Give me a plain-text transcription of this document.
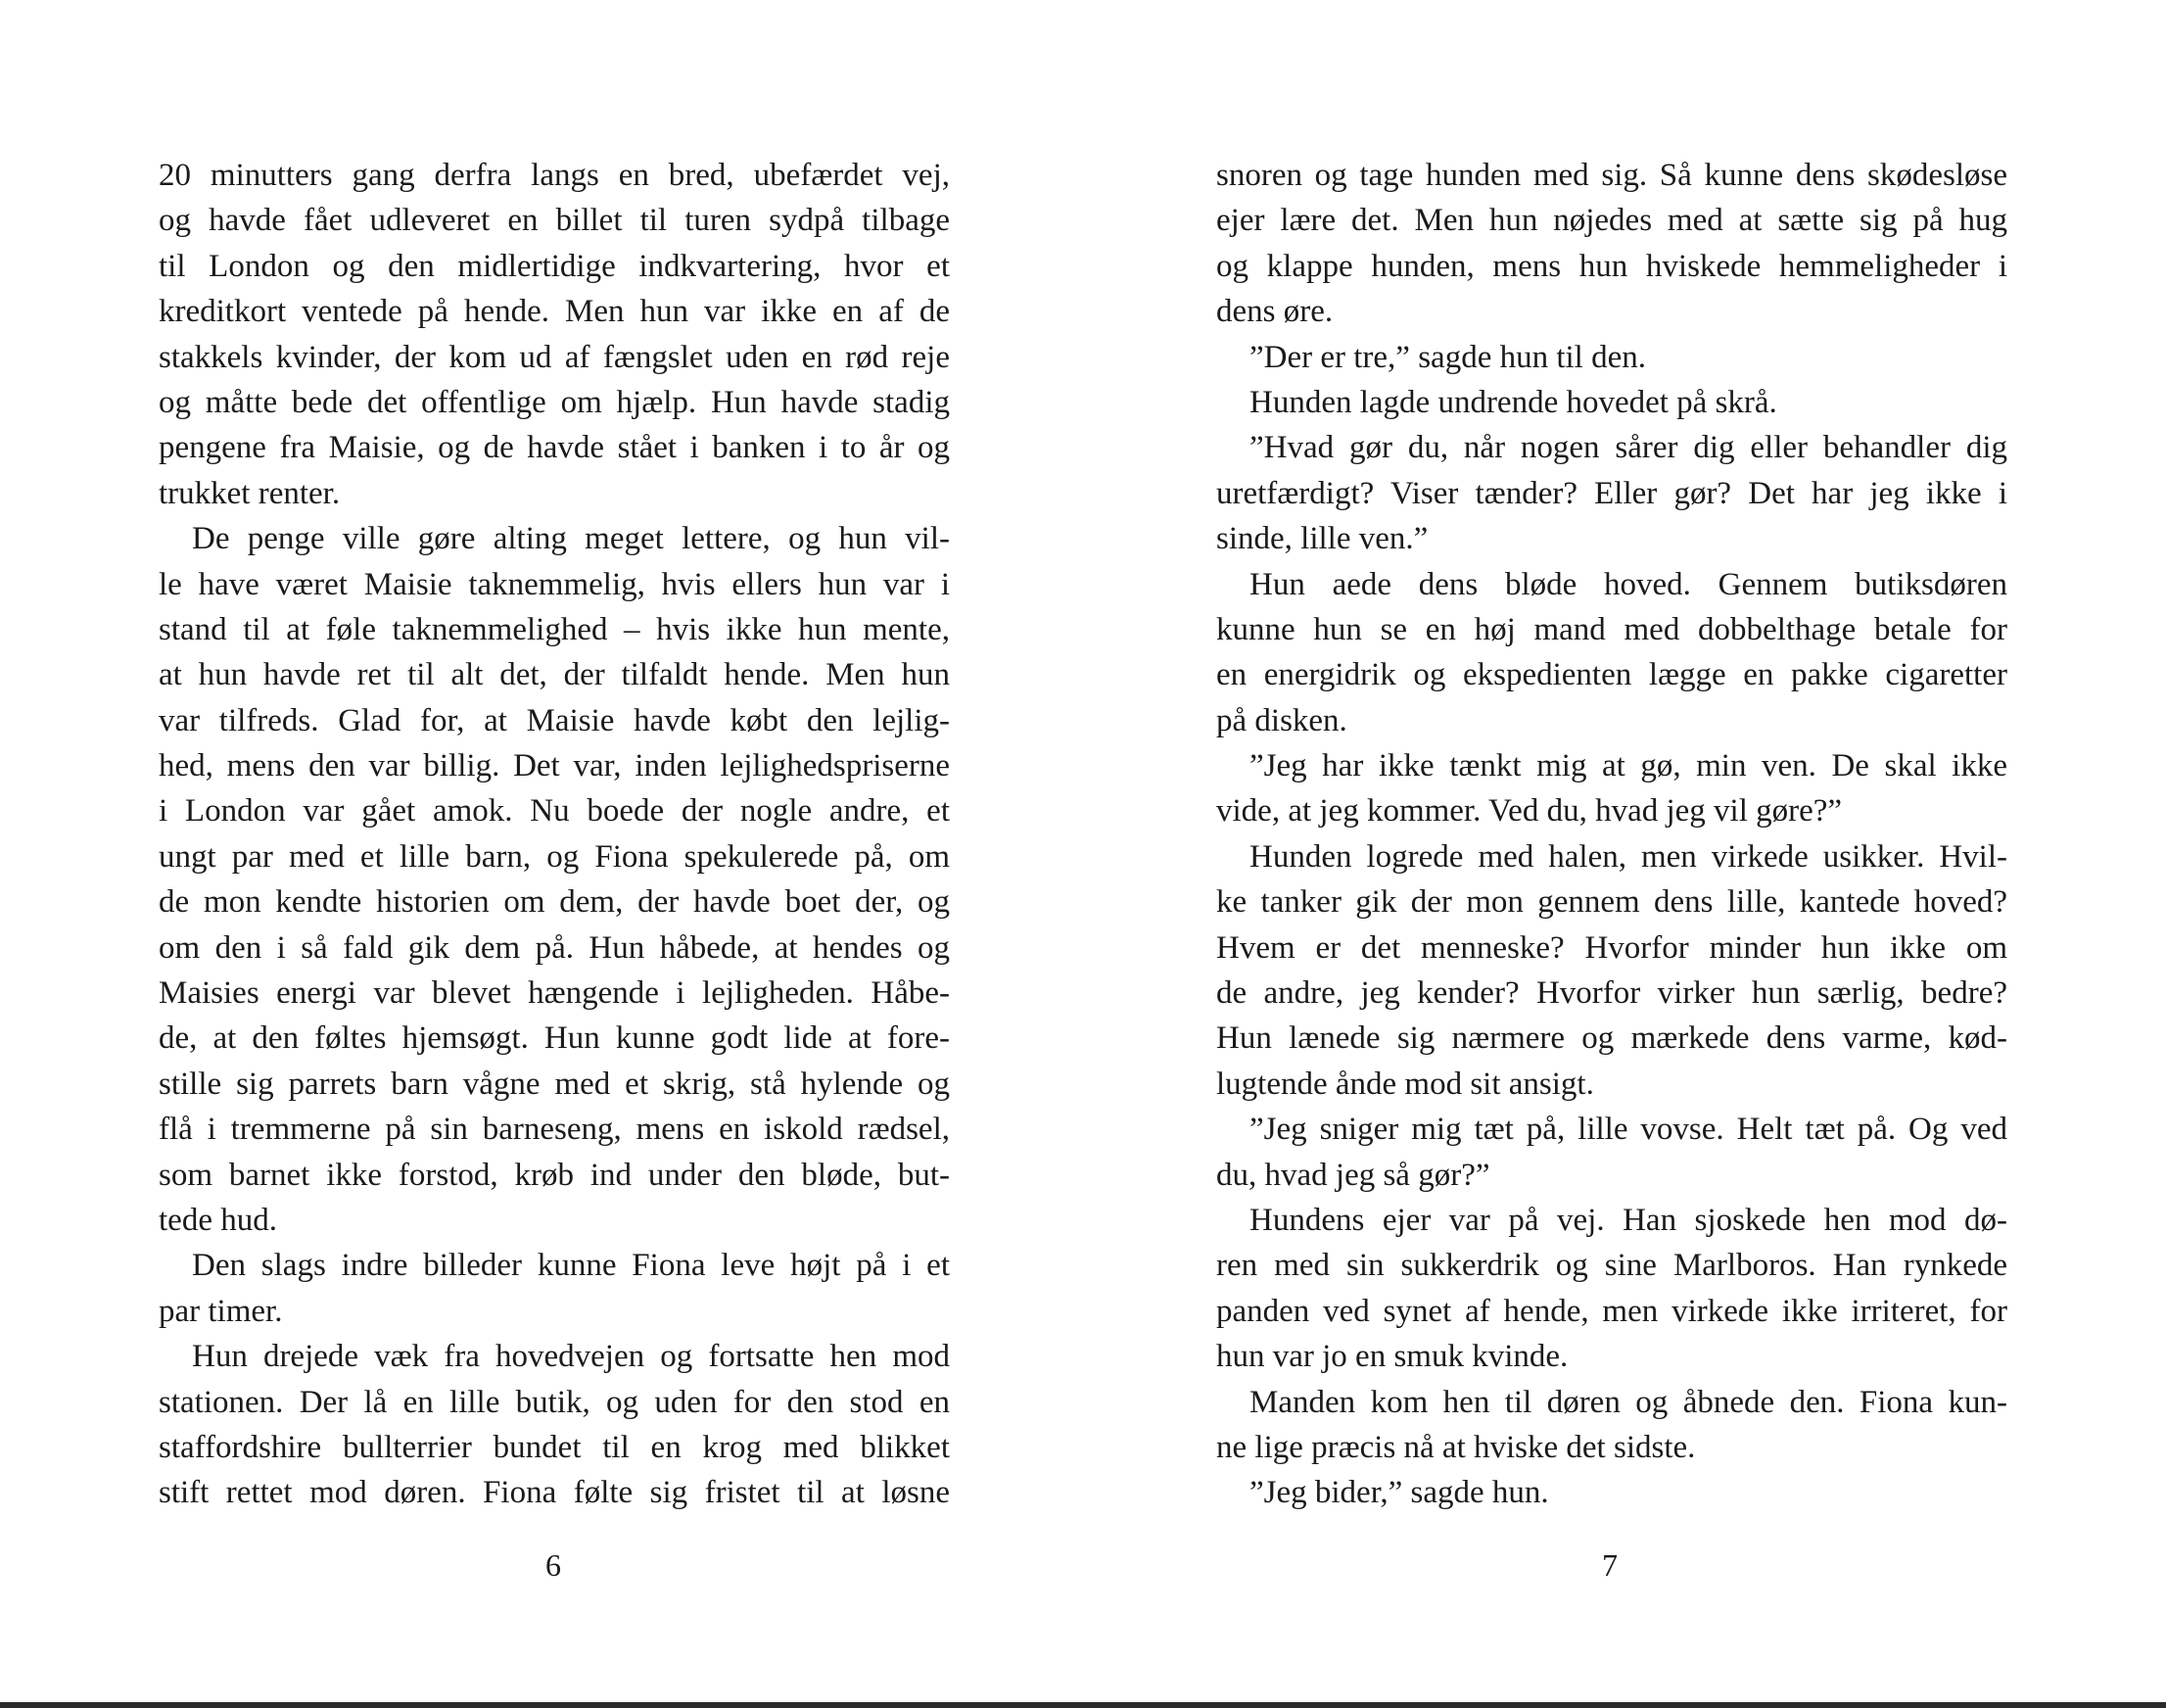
20 minutters gang derfra langs en bred, ubefærdet vej,
og havde fået udleveret en billet til turen sydpå tilbage
til London og den midlertidige indkvartering, hvor et
kreditkort ventede på hende. Men hun var ikke en af de
stakkels kvinder, der kom ud af fængslet uden en rød reje
og måtte bede det offentlige om hjælp. Hun havde stadig
pengene fra Maisie, og de havde stået i banken i to år og
trukket renter.
De penge ville gøre alting meget lettere, og hun vil-
le have været Maisie taknemmelig, hvis ellers hun var i
stand til at føle taknemmelighed – hvis ikke hun mente,
at hun havde ret til alt det, der tilfaldt hende. Men hun
var tilfreds. Glad for, at Maisie havde købt den lejlig-
hed, mens den var billig. Det var, inden lejlighedspriserne
i London var gået amok. Nu boede der nogle andre, et
ungt par med et lille barn, og Fiona spekulerede på, om
de mon kendte historien om dem, der havde boet der, og
om den i så fald gik dem på. Hun håbede, at hendes og
Maisies energi var blevet hængende i lejligheden. Håbe-
de, at den føltes hjemsøgt. Hun kunne godt lide at fore-
stille sig parrets barn vågne med et skrig, stå hylende og
flå i tremmerne på sin barneseng, mens en iskold rædsel,
som barnet ikke forstod, krøb ind under den bløde, but-
tede hud.
Den slags indre billeder kunne Fiona leve højt på i et
par timer.
Hun drejede væk fra hovedvejen og fortsatte hen mod
stationen. Der lå en lille butik, og uden for den stod en
staffordshire bullterrier bundet til en krog med blikket
stift rettet mod døren. Fiona følte sig fristet til at løsne
snoren og tage hunden med sig. Så kunne dens skødesløse
ejer lære det. Men hun nøjedes med at sætte sig på hug
og klappe hunden, mens hun hviskede hemmeligheder i
dens øre.
”Der er tre,” sagde hun til den.
Hunden lagde undrende hovedet på skrå.
”Hvad gør du, når nogen sårer dig eller behandler dig
uretfærdigt? Viser tænder? Eller gør? Det har jeg ikke i
sinde, lille ven.”
Hun aede dens bløde hoved. Gennem butiksdøren
kunne hun se en høj mand med dobbelthage betale for
en energidrik og ekspedienten lægge en pakke cigaretter
på disken.
”Jeg har ikke tænkt mig at gø, min ven. De skal ikke
vide, at jeg kommer. Ved du, hvad jeg vil gøre?”
Hunden logrede med halen, men virkede usikker. Hvil-
ke tanker gik der mon gennem dens lille, kantede hoved?
Hvem er det menneske? Hvorfor minder hun ikke om
de andre, jeg kender? Hvorfor virker hun særlig, bedre?
Hun lænede sig nærmere og mærkede dens varme, kød-
lugtende ånde mod sit ansigt.
”Jeg sniger mig tæt på, lille vovse. Helt tæt på. Og ved
du, hvad jeg så gør?”
Hundens ejer var på vej. Han sjoskede hen mod dø-
ren med sin sukkerdrik og sine Marlboros. Han rynkede
panden ved synet af hende, men virkede ikke irriteret, for
hun var jo en smuk kvinde.
Manden kom hen til døren og åbnede den. Fiona kun-
ne lige præcis nå at hviske det sidste.
”Jeg bider,” sagde hun.
6	7
